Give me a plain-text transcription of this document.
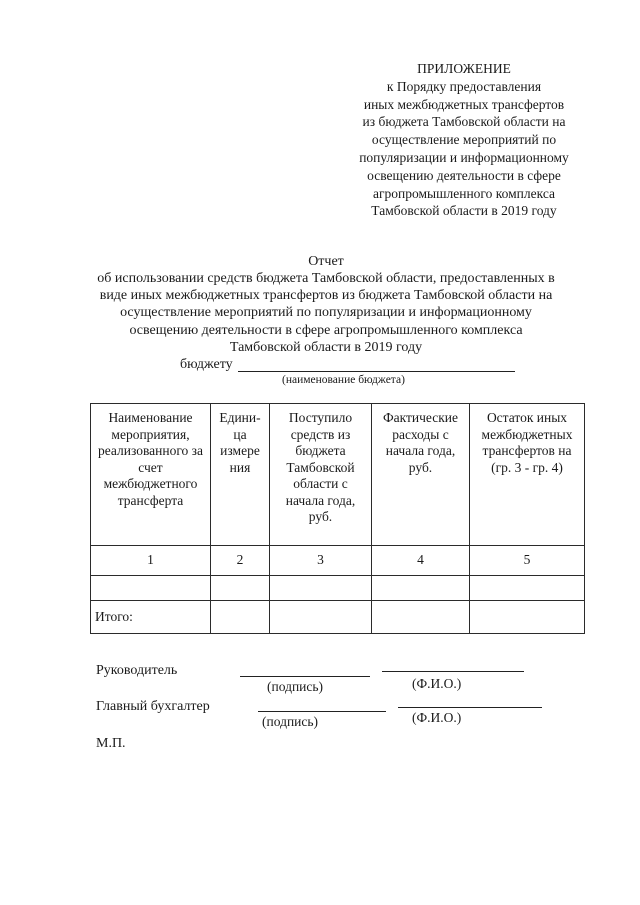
ПРИЛОЖЕНИЕ
к Порядку предоставления
иных межбюджетных трансфертов
из бюджета Тамбовской области на
осуществление мероприятий по
популяризации и информационному
освещению деятельности в сфере
агропромышленного комплекса
Тамбовской области в 2019 году
Отчет
об использовании средств бюджета Тамбовской области, предоставленных в
виде иных межбюджетных трансфертов из бюджета Тамбовской области на
осуществление мероприятий по популяризации и информационному
освещению деятельности в сфере агропромышленного комплекса
Тамбовской области в 2019 году
бюджету
(наименование бюджета)
Наименование мероприятия, реализованного за счет межбюджетного трансферта	Едини-ца измере ния	Поступило средств из бюджета Тамбовской области с начала года, руб.	Фактические расходы с начала года, руб.	Остаток иных межбюджетных трансфертов на (гр. 3 - гр. 4)
1	2	3	4	5

Итого:				
Руководитель
(подпись)	(Ф.И.О.)
Главный бухгалтер
(подпись)	(Ф.И.О.)
М.П.
